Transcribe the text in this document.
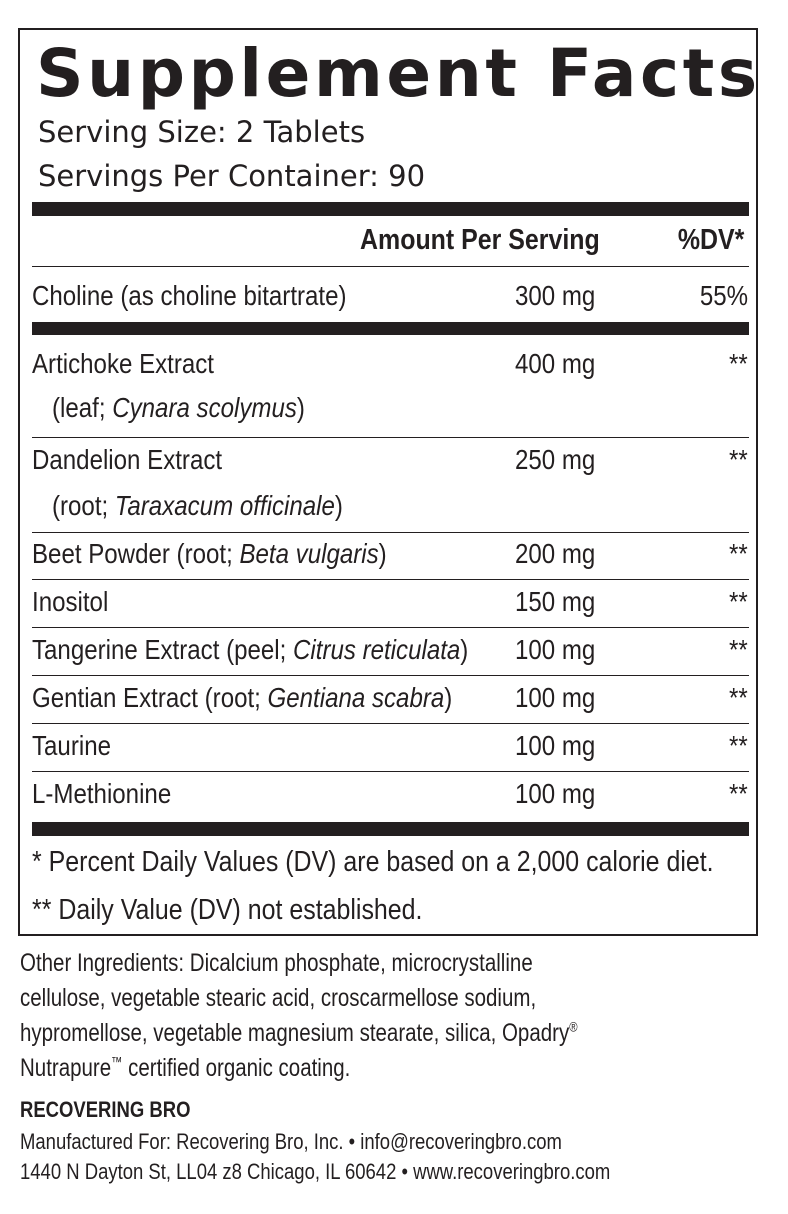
Supplement Facts
Serving Size: 2 Tablets
Servings Per Container: 90
Amount Per Serving	%DV*
Choline (as choline bitartrate)	300 mg	55%
Artichoke Extract	400 mg	**
(leaf; Cynara scolymus)
Dandelion Extract	250 mg	**
(root; Taraxacum officinale)
Beet Powder (root; Beta vulgaris)	200 mg	**
Inositol	150 mg	**
Tangerine Extract (peel; Citrus reticulata) 100 mg	**
Gentian Extract (root; Gentiana scabra) 100 mg	**
Taurine	100 mg	**
L-Methionine	100 mg	**
* Percent Daily Values (DV) are based on a 2,000 calorie diet.
** Daily Value (DV) not established.
Other Ingredients: Dicalcium phosphate, microcrystalline
cellulose, vegetable stearic acid, croscarmellose sodium,
hypromellose, vegetable magnesium stearate, silica, Opadry®
Nutrapure™ certified organic coating.
RECOVERING BRO
Manufactured For: Recovering Bro, Inc. • info@recoveringbro.com
1440 N Dayton St, LL04 z8 Chicago, IL 60642 • www.recoveringbro.com
